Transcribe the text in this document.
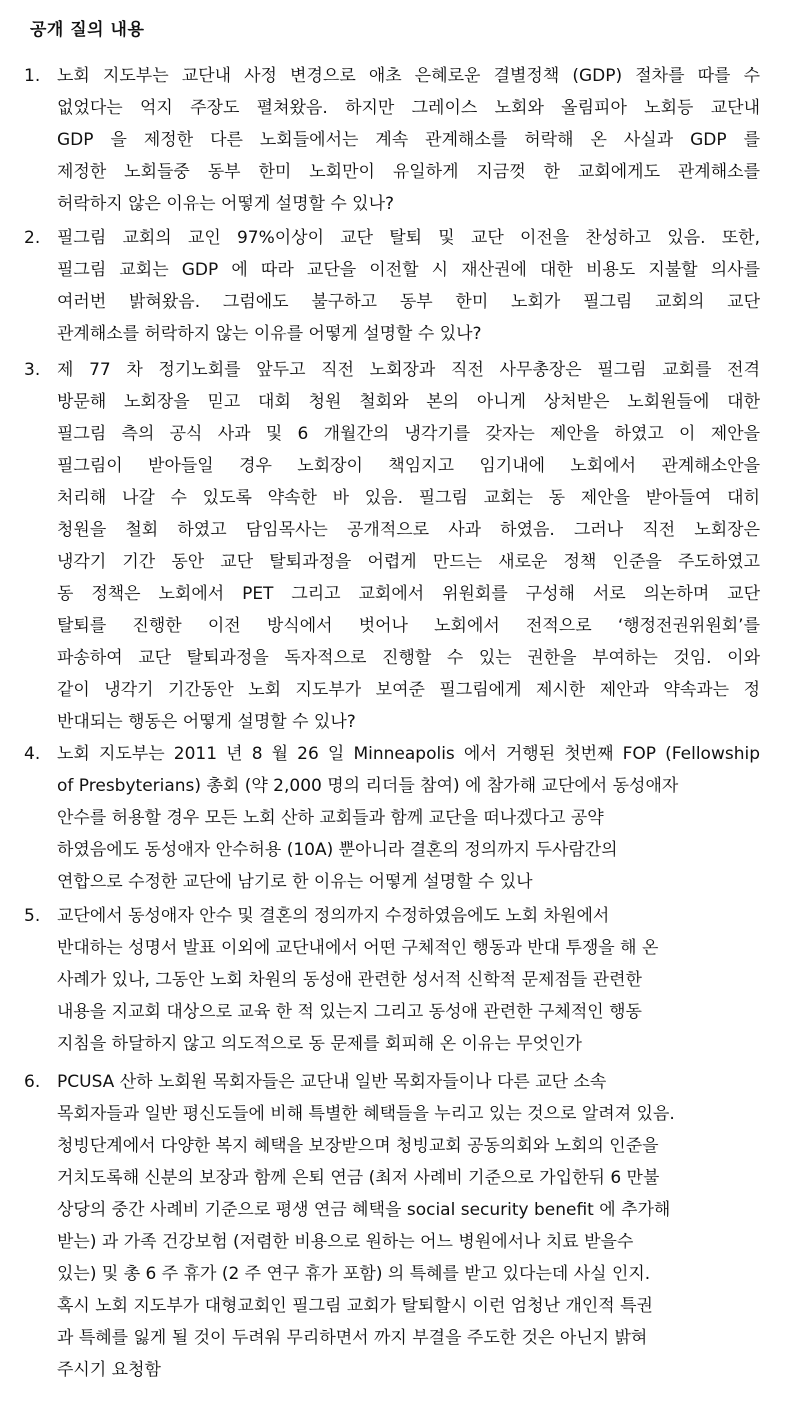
공개 질의 내용
1. 노회 지도부는 교단내 사정 변경으로 애초 은혜로운 결별정책 (GDP) 절차를 따를 수
없었다는 억지 주장도 펼쳐왔음. 하지만 그레이스 노회와 올림피아 노회등 교단내
GDP 을 제정한 다른 노회들에서는 계속 관계해소를 허락해 온 사실과 GDP 를
제정한 노회들중 동부 한미 노회만이 유일하게 지금껏 한 교회에게도 관계해소를
허락하지 않은 이유는 어떻게 설명할 수 있나?
2. 필그림 교회의 교인 97%이상이 교단 탈퇴 및 교단 이전을 찬성하고 있음. 또한,
필그림 교회는 GDP 에 따라 교단을 이전할 시 재산권에 대한 비용도 지불할 의사를
여러번 밝혀왔음. 그럼에도 불구하고 동부 한미 노회가 필그림 교회의 교단
관계해소를 허락하지 않는 이유를 어떻게 설명할 수 있나?
3. 제 77 차 정기노회를 앞두고 직전 노회장과 직전 사무총장은 필그림 교회를 전격
방문해 노회장을 믿고 대회 청원 철회와 본의 아니게 상처받은 노회원들에 대한
필그림 측의 공식 사과 및 6 개월간의 냉각기를 갖자는 제안을 하였고 이 제안을
필그림이 받아들일 경우 노회장이 책임지고 임기내에 노회에서 관계해소안을
처리해 나갈 수 있도록 약속한 바 있음. 필그림 교회는 동 제안을 받아들여 대히
청원을 철회 하였고 담임목사는 공개적으로 사과 하였음. 그러나 직전 노회장은
냉각기 기간 동안 교단 탈퇴과정을 어렵게 만드는 새로운 정책 인준을 주도하였고
동 정책은 노회에서 PET 그리고 교회에서 위원회를 구성해 서로 의논하며 교단
탈퇴를 진행한 이전 방식에서 벗어나 노회에서 전적으로 ‘행정전권위원회’를
파송하여 교단 탈퇴과정을 독자적으로 진행할 수 있는 권한을 부여하는 것임. 이와
같이 냉각기 기간동안 노회 지도부가 보여준 필그림에게 제시한 제안과 약속과는 정
반대되는 행동은 어떻게 설명할 수 있나?
4. 노회 지도부는 2011 년 8 월 26 일 Minneapolis 에서 거행된 첫번째 FOP (Fellowship
of Presbyterians) 총회 (약 2,000 명의 리더들 참여) 에 참가해 교단에서 동성애자
안수를 허용할 경우 모든 노회 산하 교회들과 함께 교단을 떠나겠다고 공약
하였음에도 동성애자 안수허용 (10A) 뿐아니라 결혼의 정의까지 두사람간의
연합으로 수정한 교단에 남기로 한 이유는 어떻게 설명할 수 있나
5. 교단에서 동성애자 안수 및 결혼의 정의까지 수정하였음에도 노회 차원에서
반대하는 성명서 발표 이외에 교단내에서 어떤 구체적인 행동과 반대 투쟁을 해 온
사례가 있나, 그동안 노회 차원의 동성애 관련한 성서적 신학적 문제점들 관련한
내용을 지교회 대상으로 교육 한 적 있는지 그리고 동성애 관련한 구체적인 행동
지침을 하달하지 않고 의도적으로 동 문제를 회피해 온 이유는 무엇인가
6. PCUSA 산하 노회원 목회자들은 교단내 일반 목회자들이나 다른 교단 소속
목회자들과 일반 평신도들에 비해 특별한 혜택들을 누리고 있는 것으로 알려져 있음.
청빙단계에서 다양한 복지 혜택을 보장받으며 청빙교회 공동의회와 노회의 인준을
거치도록해 신분의 보장과 함께 은퇴 연금 (최저 사례비 기준으로 가입한뒤 6 만불
상당의 중간 사례비 기준으로 평생 연금 혜택을 social security benefit 에 추가해
받는) 과 가족 건강보험 (저렴한 비용으로 원하는 어느 병원에서나 치료 받을수
있는) 및 총 6 주 휴가 (2 주 연구 휴가 포함) 의 특혜를 받고 있다는데 사실 인지.
혹시 노회 지도부가 대형교회인 필그림 교회가 탈퇴할시 이런 엄청난 개인적 특권
과 특혜를 잃게 될 것이 두려워 무리하면서 까지 부결을 주도한 것은 아닌지 밝혀
주시기 요청함
